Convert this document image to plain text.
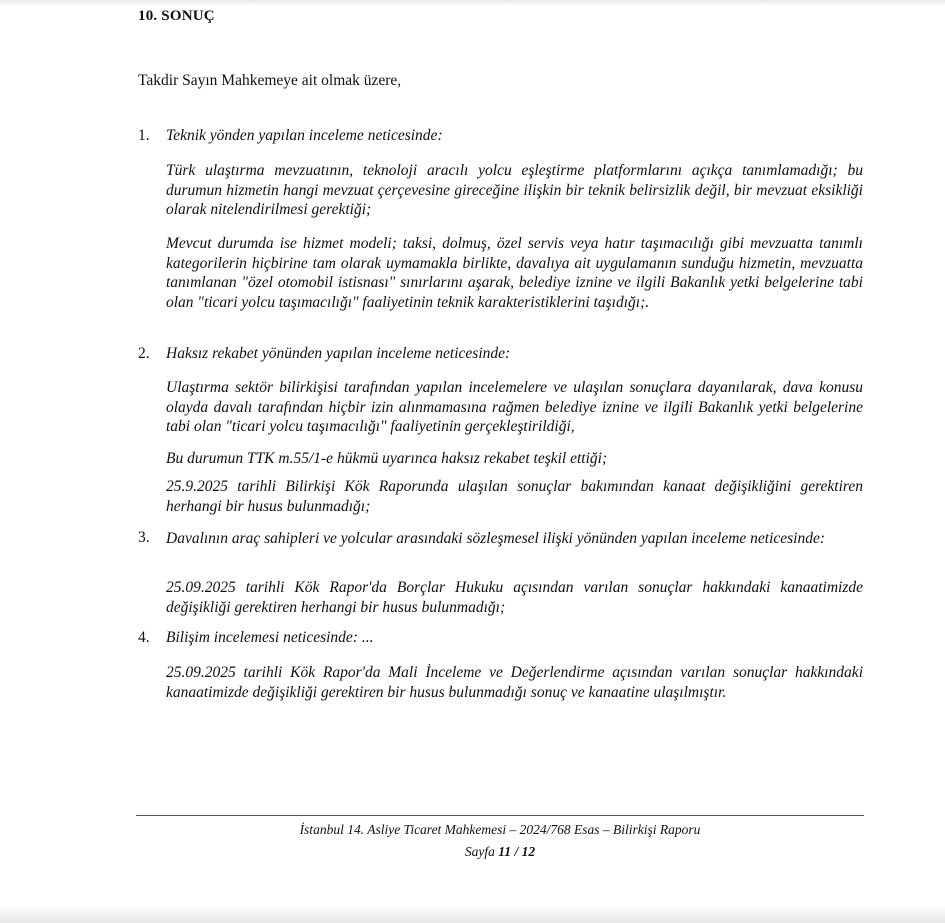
10. SONUÇ
Takdir Sayın Mahkemeye ait olmak üzere,
1. Teknik yönden yapılan inceleme neticesinde:
Türk ulaştırma mevzuatının, teknoloji aracılı yolcu eşleştirme platformlarını açıkça tanımlamadığı; bu durumun hizmetin hangi mevzuat çerçevesine gireceğine ilişkin bir teknik belirsizlik değil, bir mevzuat eksikliği olarak nitelendirilmesi gerektiği;
Mevcut durumda ise hizmet modeli; taksi, dolmuş, özel servis veya hatır taşımacılığı gibi mevzuatta tanımlı kategorilerin hiçbirine tam olarak uymamakla birlikte, davalıya ait uygulamanın sunduğu hizmetin, mevzuatta tanımlanan "özel otomobil istisnası" sınırlarını aşarak, belediye iznine ve ilgili Bakanlık yetki belgelerine tabi olan "ticari yolcu taşımacılığı" faaliyetinin teknik karakteristiklerini taşıdığı;.
2. Haksız rekabet yönünden yapılan inceleme neticesinde:
Ulaştırma sektör bilirkişisi tarafından yapılan incelemelere ve ulaşılan sonuçlara dayanılarak, dava konusu olayda davalı tarafından hiçbir izin alınmamasına rağmen belediye iznine ve ilgili Bakanlık yetki belgelerine tabi olan "ticari yolcu taşımacılığı" faaliyetinin gerçekleştirildiği,
Bu durumun TTK m.55/1-e hükmü uyarınca haksız rekabet teşkil ettiği;
25.9.2025 tarihli Bilirkişi Kök Raporunda ulaşılan sonuçlar bakımından kanaat değişikliğini gerektiren herhangi bir husus bulunmadığı;
3. Davalının araç sahipleri ve yolcular arasındaki sözleşmesel ilişki yönünden yapılan inceleme neticesinde:
25.09.2025 tarihli Kök Rapor'da Borçlar Hukuku açısından varılan sonuçlar hakkındaki kanaatimizde değişikliği gerektiren herhangi bir husus bulunmadığı;
4. Bilişim incelemesi neticesinde: ...
25.09.2025 tarihli Kök Rapor'da Mali İnceleme ve Değerlendirme açısından varılan sonuçlar hakkındaki kanaatimizde değişikliği gerektiren bir husus bulunmadığı sonuç ve kanaatine ulaşılmıştır.
İstanbul 14. Asliye Ticaret Mahkemesi – 2024/768 Esas – Bilirkişi Raporu
Sayfa 11 / 12
